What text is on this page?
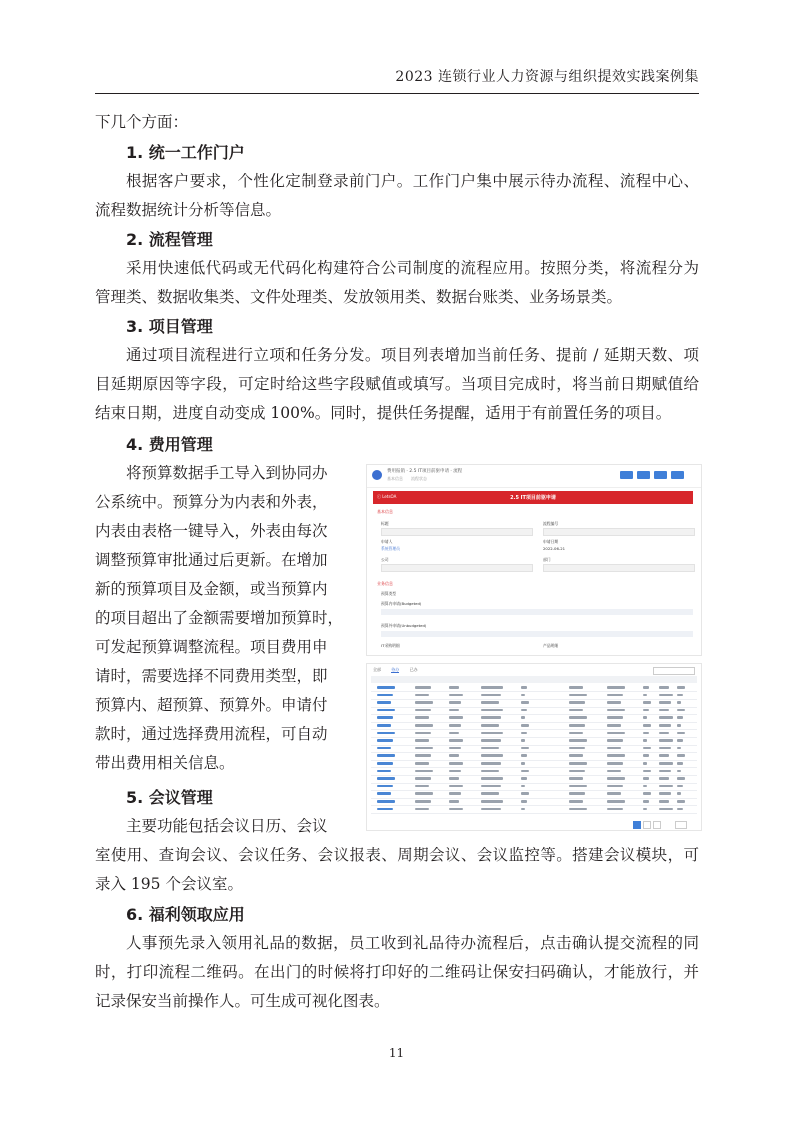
2023 连锁行业人力资源与组织提效实践案例集

下几个方面：

1. 统一工作门户

根据客户要求，个性化定制登录前门户。工作门户集中展示待办流程、流程中心、流程数据统计分析等信息。

2. 流程管理

采用快速低代码或无代码化构建符合公司制度的流程应用。按照分类，将流程分为管理类、数据收集类、文件处理类、发放领用类、数据台账类、业务场景类。

3. 项目管理

通过项目流程进行立项和任务分发。项目列表增加当前任务、提前 / 延期天数、项目延期原因等字段，可定时给这些字段赋值或填写。当项目完成时，将当前日期赋值给结束日期，进度自动变成 100%。同时，提供任务提醒，适用于有前置任务的项目。

4. 费用管理

将预算数据手工导入到协同办

公系统中。预算分为内表和外表，

内表由表格一键导入，外表由每次

调整预算审批通过后更新。在增加

新的预算项目及金额，或当预算内

的项目超出了金额需要增加预算时，

可发起预算调整流程。项目费用申

请时，需要选择不同费用类型，即

预算内、超预算、预算外。申请付

款时，通过选择费用流程，可自动

带出费用相关信息。

5. 会议管理

主要功能包括会议日历、会议

室使用、查询会议、会议任务、会议报表、周期会议、会议监控等。搭建会议模块，可录入 195 个会议室。

6. 福利领取应用

人事预先录入领用礼品的数据，员工收到礼品待办流程后，点击确认提交流程的同时，打印流程二维码。在出门的时候将打印好的二维码让保安扫码确认，才能放行，并记录保安当前操作人。可生成可视化图表。

费用报销 · 2.5 IT项目前驱申请 · 流程
基本信息　　流程状态
ⓒ LetsOA	2.5 IT项目前驱申请
基本信息
标题	流程编号
申请人	申请日期
系统管理员	2022-06-21
公司	部门
业务信息
预算类型
预算内申请(Budgeted)
预算外申请(Unbudgeted)
IT采购明细	产品明细
全部	待办	已办
11
